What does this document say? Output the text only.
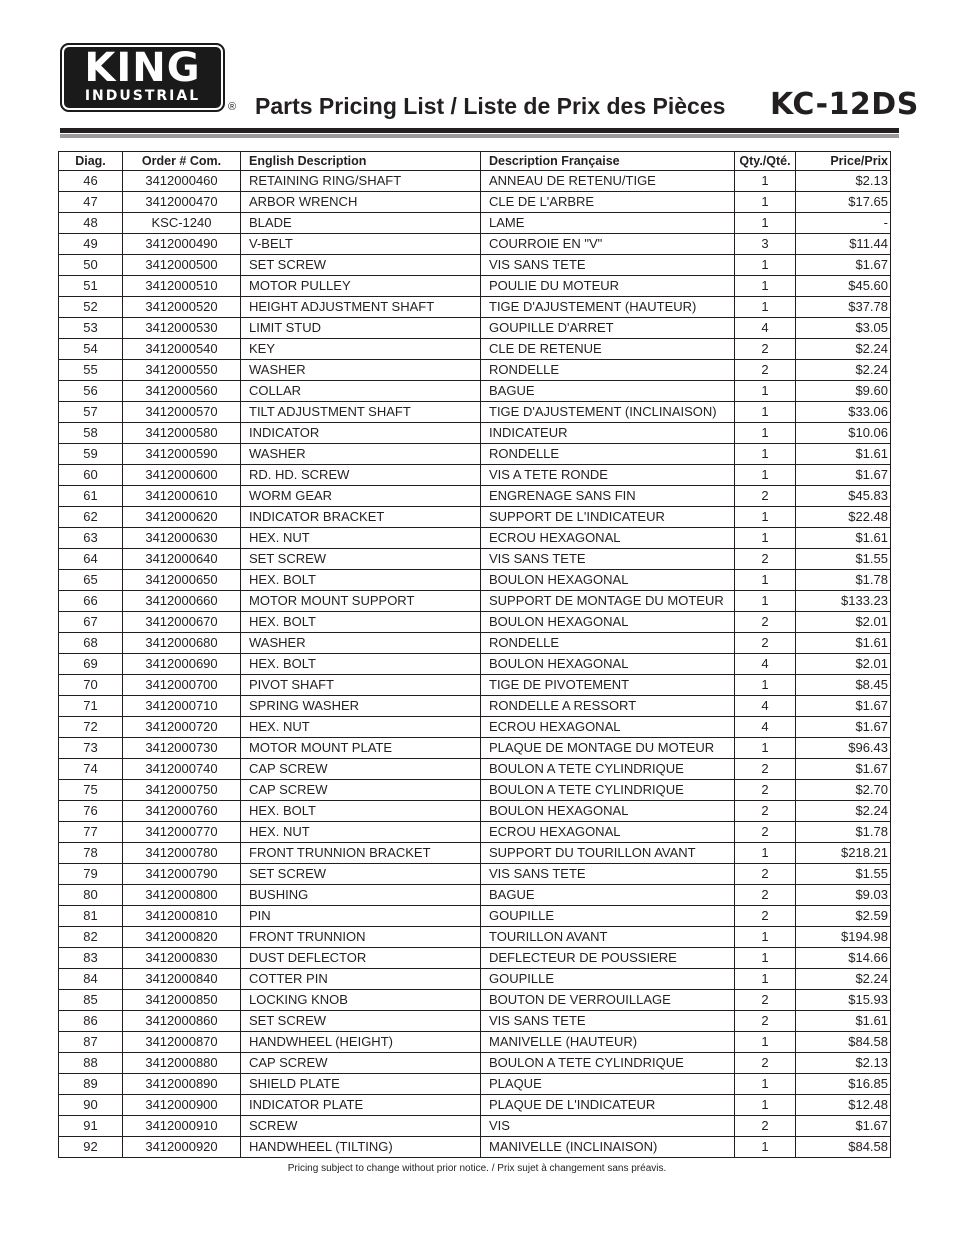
KING
INDUSTRIAL
® Parts Pricing List / Liste de Prix des Pièces KC-12DS
Diag.	Order # Com.	English Description	Description Française	Qty./Qté.	Price/Prix
46	3412000460	RETAINING RING/SHAFT	ANNEAU DE RETENU/TIGE	1	$2.13
47	3412000470	ARBOR WRENCH	CLE DE L'ARBRE	1	$17.65
48	KSC-1240	BLADE	LAME	1	-
49	3412000490	V-BELT	COURROIE EN "V"	3	$11.44
50	3412000500	SET SCREW	VIS SANS TETE	1	$1.67
51	3412000510	MOTOR PULLEY	POULIE DU MOTEUR	1	$45.60
52	3412000520	HEIGHT ADJUSTMENT SHAFT	TIGE D'AJUSTEMENT (HAUTEUR)	1	$37.78
53	3412000530	LIMIT STUD	GOUPILLE D'ARRET	4	$3.05
54	3412000540	KEY	CLE DE RETENUE	2	$2.24
55	3412000550	WASHER	RONDELLE	2	$2.24
56	3412000560	COLLAR	BAGUE	1	$9.60
57	3412000570	TILT ADJUSTMENT SHAFT	TIGE D'AJUSTEMENT (INCLINAISON)	1	$33.06
58	3412000580	INDICATOR	INDICATEUR	1	$10.06
59	3412000590	WASHER	RONDELLE	1	$1.61
60	3412000600	RD. HD. SCREW	VIS A TETE RONDE	1	$1.67
61	3412000610	WORM GEAR	ENGRENAGE SANS FIN	2	$45.83
62	3412000620	INDICATOR BRACKET	SUPPORT DE L'INDICATEUR	1	$22.48
63	3412000630	HEX. NUT	ECROU HEXAGONAL	1	$1.61
64	3412000640	SET SCREW	VIS SANS TETE	2	$1.55
65	3412000650	HEX. BOLT	BOULON HEXAGONAL	1	$1.78
66	3412000660	MOTOR MOUNT SUPPORT	SUPPORT DE MONTAGE DU MOTEUR	1	$133.23
67	3412000670	HEX. BOLT	BOULON HEXAGONAL	2	$2.01
68	3412000680	WASHER	RONDELLE	2	$1.61
69	3412000690	HEX. BOLT	BOULON HEXAGONAL	4	$2.01
70	3412000700	PIVOT SHAFT	TIGE DE PIVOTEMENT	1	$8.45
71	3412000710	SPRING WASHER	RONDELLE A RESSORT	4	$1.67
72	3412000720	HEX. NUT	ECROU HEXAGONAL	4	$1.67
73	3412000730	MOTOR MOUNT PLATE	PLAQUE DE MONTAGE DU MOTEUR	1	$96.43
74	3412000740	CAP SCREW	BOULON A TETE CYLINDRIQUE	2	$1.67
75	3412000750	CAP SCREW	BOULON A TETE CYLINDRIQUE	2	$2.70
76	3412000760	HEX. BOLT	BOULON HEXAGONAL	2	$2.24
77	3412000770	HEX. NUT	ECROU HEXAGONAL	2	$1.78
78	3412000780	FRONT TRUNNION BRACKET	SUPPORT DU TOURILLON AVANT	1	$218.21
79	3412000790	SET SCREW	VIS SANS TETE	2	$1.55
80	3412000800	BUSHING	BAGUE	2	$9.03
81	3412000810	PIN	GOUPILLE	2	$2.59
82	3412000820	FRONT TRUNNION	TOURILLON AVANT	1	$194.98
83	3412000830	DUST DEFLECTOR	DEFLECTEUR DE POUSSIERE	1	$14.66
84	3412000840	COTTER PIN	GOUPILLE	1	$2.24
85	3412000850	LOCKING KNOB	BOUTON DE VERROUILLAGE	2	$15.93
86	3412000860	SET SCREW	VIS SANS TETE	2	$1.61
87	3412000870	HANDWHEEL (HEIGHT)	MANIVELLE (HAUTEUR)	1	$84.58
88	3412000880	CAP SCREW	BOULON A TETE CYLINDRIQUE	2	$2.13
89	3412000890	SHIELD PLATE	PLAQUE	1	$16.85
90	3412000900	INDICATOR PLATE	PLAQUE DE L'INDICATEUR	1	$12.48
91	3412000910	SCREW	VIS	2	$1.67
92	3412000920	HANDWHEEL (TILTING)	MANIVELLE (INCLINAISON)	1	$84.58
Pricing subject to change without prior notice. / Prix sujet à changement sans préavis.
